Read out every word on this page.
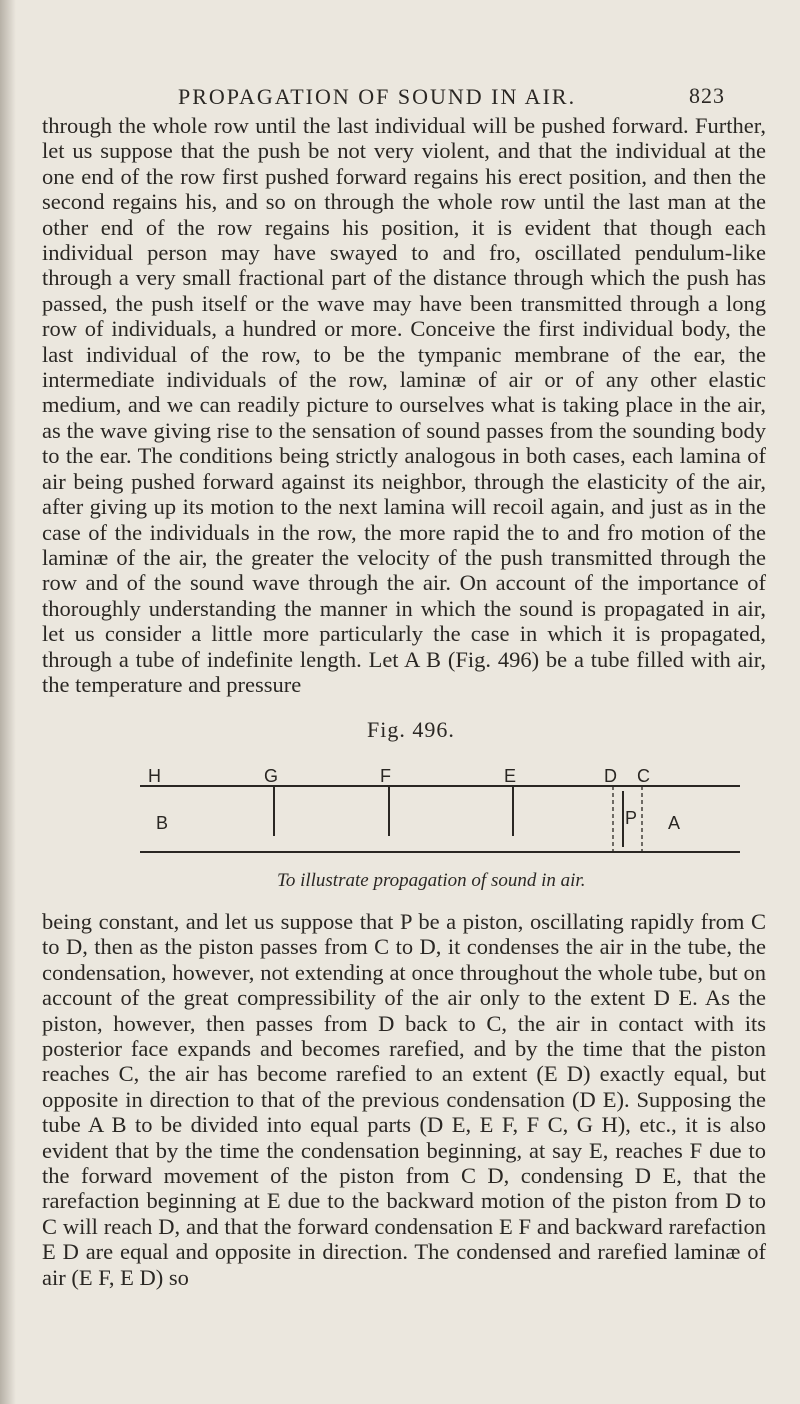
PROPAGATION OF SOUND IN AIR.	823

through the whole row until the last individual will be pushed forward. Further, let us suppose that the push be not very violent, and that the individual at the one end of the row first pushed forward regains his erect position, and then the second regains his, and so on through the whole row until the last man at the other end of the row regains his position, it is evident that though each individual person may have swayed to and fro, oscillated pendulum-like through a very small fractional part of the distance through which the push has passed, the push itself or the wave may have been transmitted through a long row of individuals, a hundred or more. Conceive the first individual body, the last individual of the row, to be the tympanic membrane of the ear, the intermediate individuals of the row, laminæ of air or of any other elastic medium, and we can readily picture to ourselves what is taking place in the air, as the wave giving rise to the sensation of sound passes from the sounding body to the ear. The conditions being strictly analogous in both cases, each lamina of air being pushed forward against its neighbor, through the elasticity of the air, after giving up its motion to the next lamina will recoil again, and just as in the case of the individuals in the row, the more rapid the to and fro motion of the laminæ of the air, the greater the velocity of the push transmitted through the row and of the sound wave through the air. On account of the importance of thoroughly understanding the manner in which the sound is propagated in air, let us consider a little more particularly the case in which it is propagated, through a tube of indefinite length. Let A B (Fig. 496) be a tube filled with air, the temperature and pressure

Fig. 496.
H	G	F	E	D C
B	P A
To illustrate propagation of sound in air.

being constant, and let us suppose that P be a piston, oscillating rapidly from C to D, then as the piston passes from C to D, it condenses the air in the tube, the condensation, however, not extending at once throughout the whole tube, but on account of the great compressibility of the air only to the extent D E. As the piston, however, then passes from D back to C, the air in contact with its posterior face expands and becomes rarefied, and by the time that the piston reaches C, the air has become rarefied to an extent (E D) exactly equal, but opposite in direction to that of the previous condensation (D E). Supposing the tube A B to be divided into equal parts (D E, E F, F C, G H), etc., it is also evident that by the time the condensation beginning, at say E, reaches F due to the forward movement of the piston from C D, condensing D E, that the rarefaction beginning at E due to the backward motion of the piston from D to C will reach D, and that the forward condensation E F and backward rarefaction E D are equal and opposite in direction. The condensed and rarefied laminæ of air (E F, E D) so
